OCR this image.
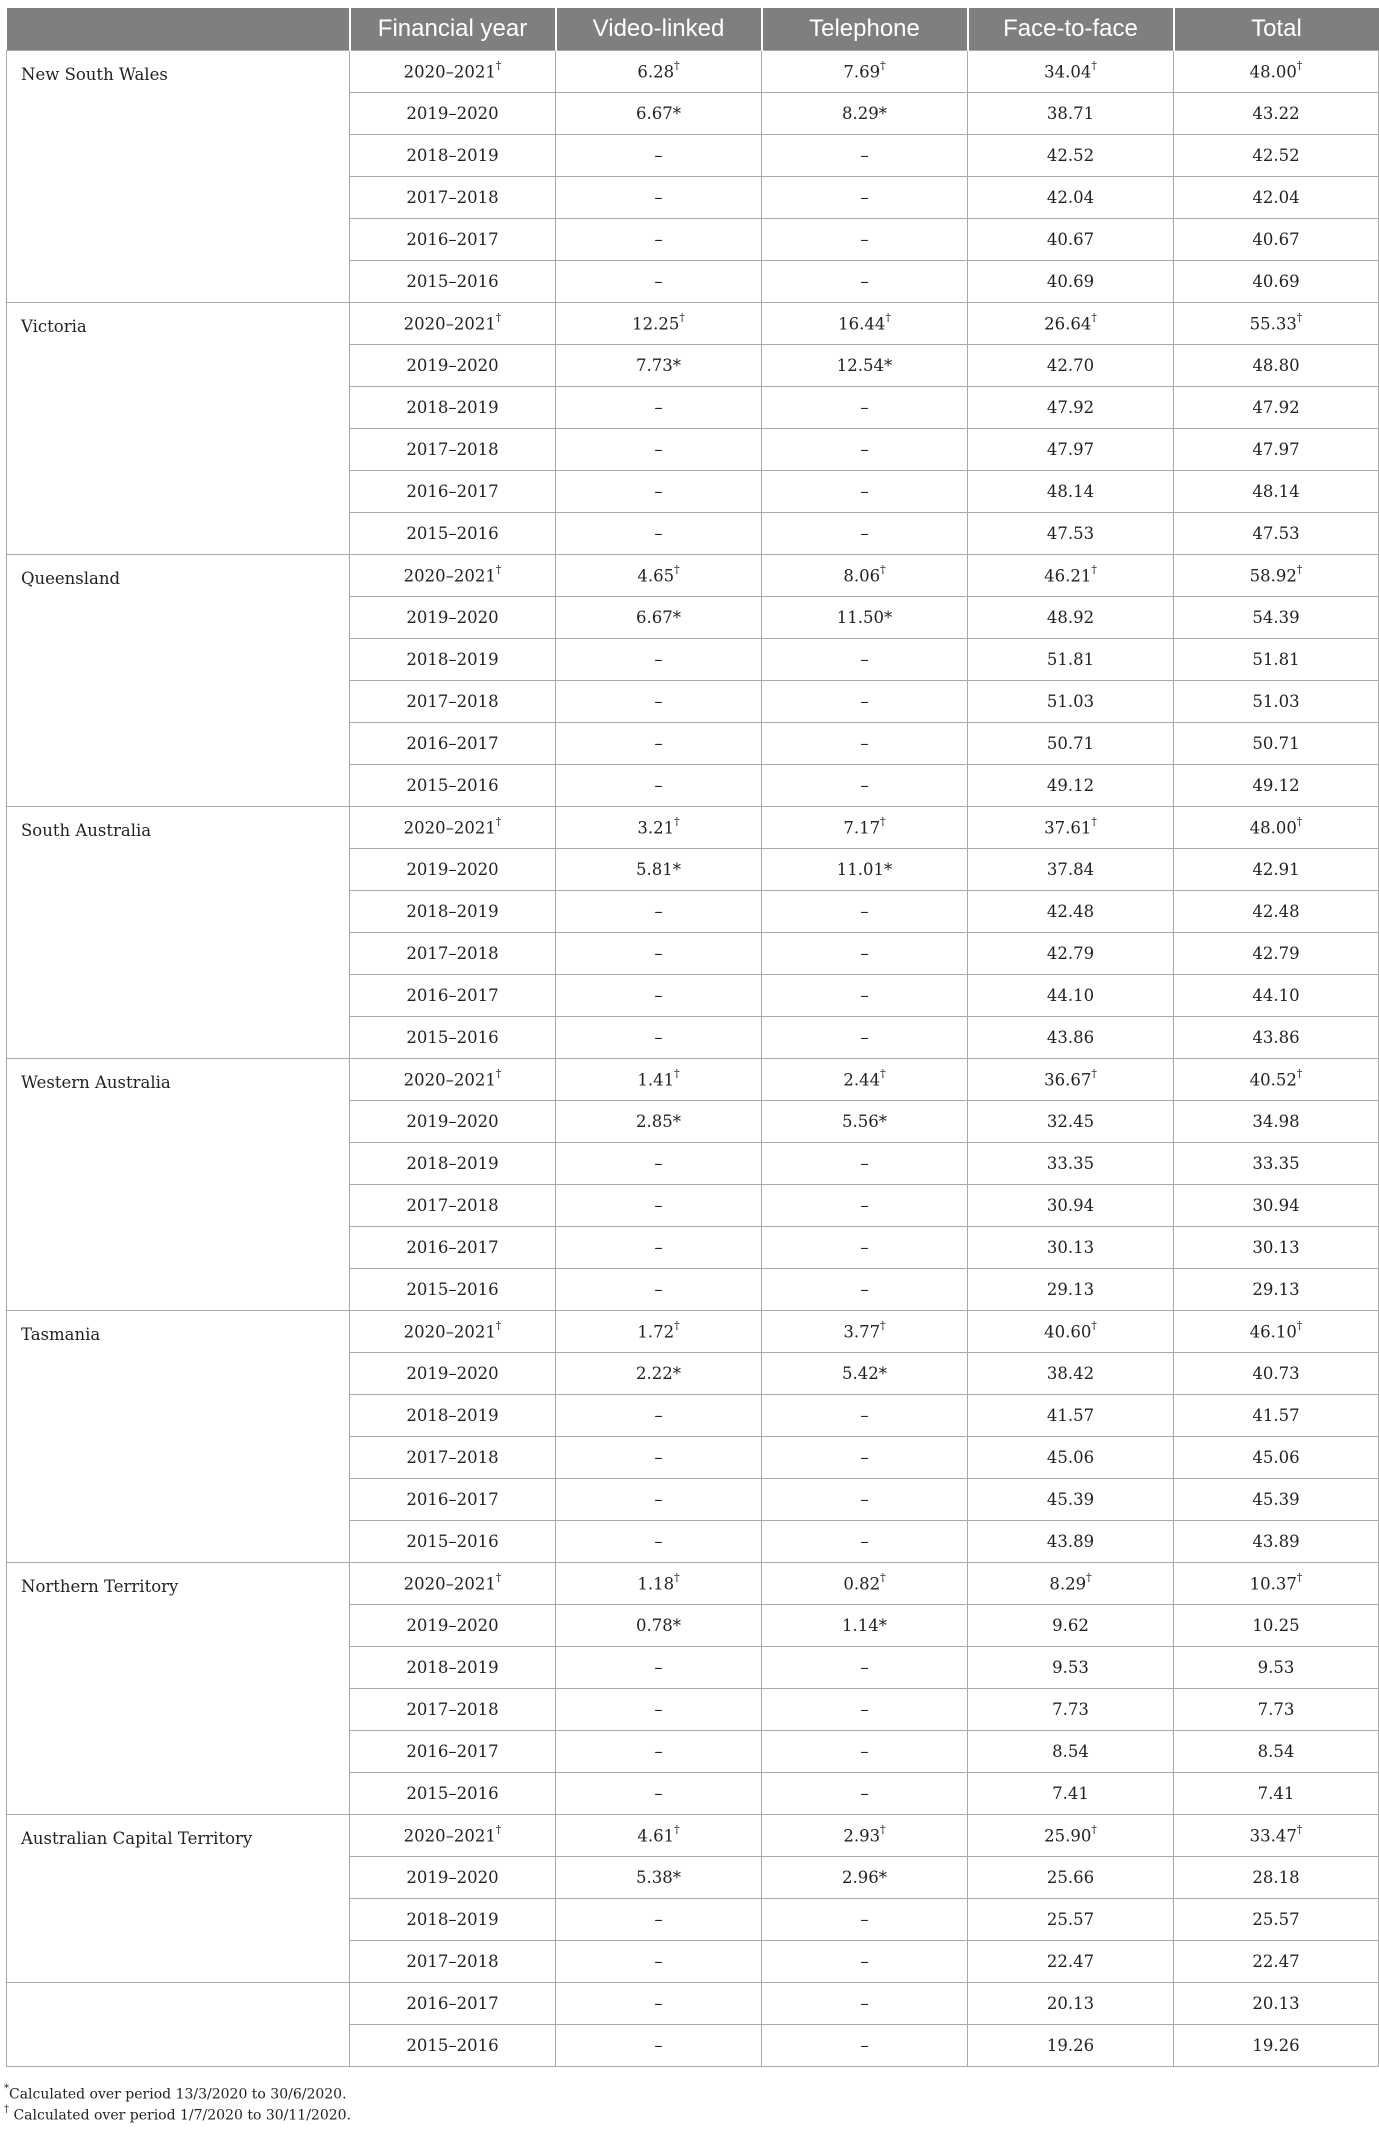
	Financial year	Video-linked	Telephone	Face-to-face	Total
New South Wales	2020–2021†	6.28†	7.69†	34.04†	48.00†
	2019–2020	6.67*	8.29*	38.71	43.22
	2018–2019	–	–	42.52	42.52
	2017–2018	–	–	42.04	42.04
	2016–2017	–	–	40.67	40.67
	2015–2016	–	–	40.69	40.69
Victoria	2020–2021†	12.25†	16.44†	26.64†	55.33†
	2019–2020	7.73*	12.54*	42.70	48.80
	2018–2019	–	–	47.92	47.92
	2017–2018	–	–	47.97	47.97
	2016–2017	–	–	48.14	48.14
	2015–2016	–	–	47.53	47.53
Queensland	2020–2021†	4.65†	8.06†	46.21†	58.92†
	2019–2020	6.67*	11.50*	48.92	54.39
	2018–2019	–	–	51.81	51.81
	2017–2018	–	–	51.03	51.03
	2016–2017	–	–	50.71	50.71
	2015–2016	–	–	49.12	49.12
South Australia	2020–2021†	3.21†	7.17†	37.61†	48.00†
	2019–2020	5.81*	11.01*	37.84	42.91
	2018–2019	–	–	42.48	42.48
	2017–2018	–	–	42.79	42.79
	2016–2017	–	–	44.10	44.10
	2015–2016	–	–	43.86	43.86
Western Australia	2020–2021†	1.41†	2.44†	36.67†	40.52†
	2019–2020	2.85*	5.56*	32.45	34.98
	2018–2019	–	–	33.35	33.35
	2017–2018	–	–	30.94	30.94
	2016–2017	–	–	30.13	30.13
	2015–2016	–	–	29.13	29.13
Tasmania	2020–2021†	1.72†	3.77†	40.60†	46.10†
	2019–2020	2.22*	5.42*	38.42	40.73
	2018–2019	–	–	41.57	41.57
	2017–2018	–	–	45.06	45.06
	2016–2017	–	–	45.39	45.39
	2015–2016	–	–	43.89	43.89
Northern Territory	2020–2021†	1.18†	0.82†	8.29†	10.37†
	2019–2020	0.78*	1.14*	9.62	10.25
	2018–2019	–	–	9.53	9.53
	2017–2018	–	–	7.73	7.73
	2016–2017	–	–	8.54	8.54
	2015–2016	–	–	7.41	7.41
Australian Capital Territory	2020–2021†	4.61†	2.93†	25.90†	33.47†
	2019–2020	5.38*	2.96*	25.66	28.18
	2018–2019	–	–	25.57	25.57
	2017–2018	–	–	22.47	22.47
	2016–2017	–	–	20.13	20.13
	2015–2016	–	–	19.26	19.26
*Calculated over period 13/3/2020 to 30/6/2020.
† Calculated over period 1/7/2020 to 30/11/2020.
